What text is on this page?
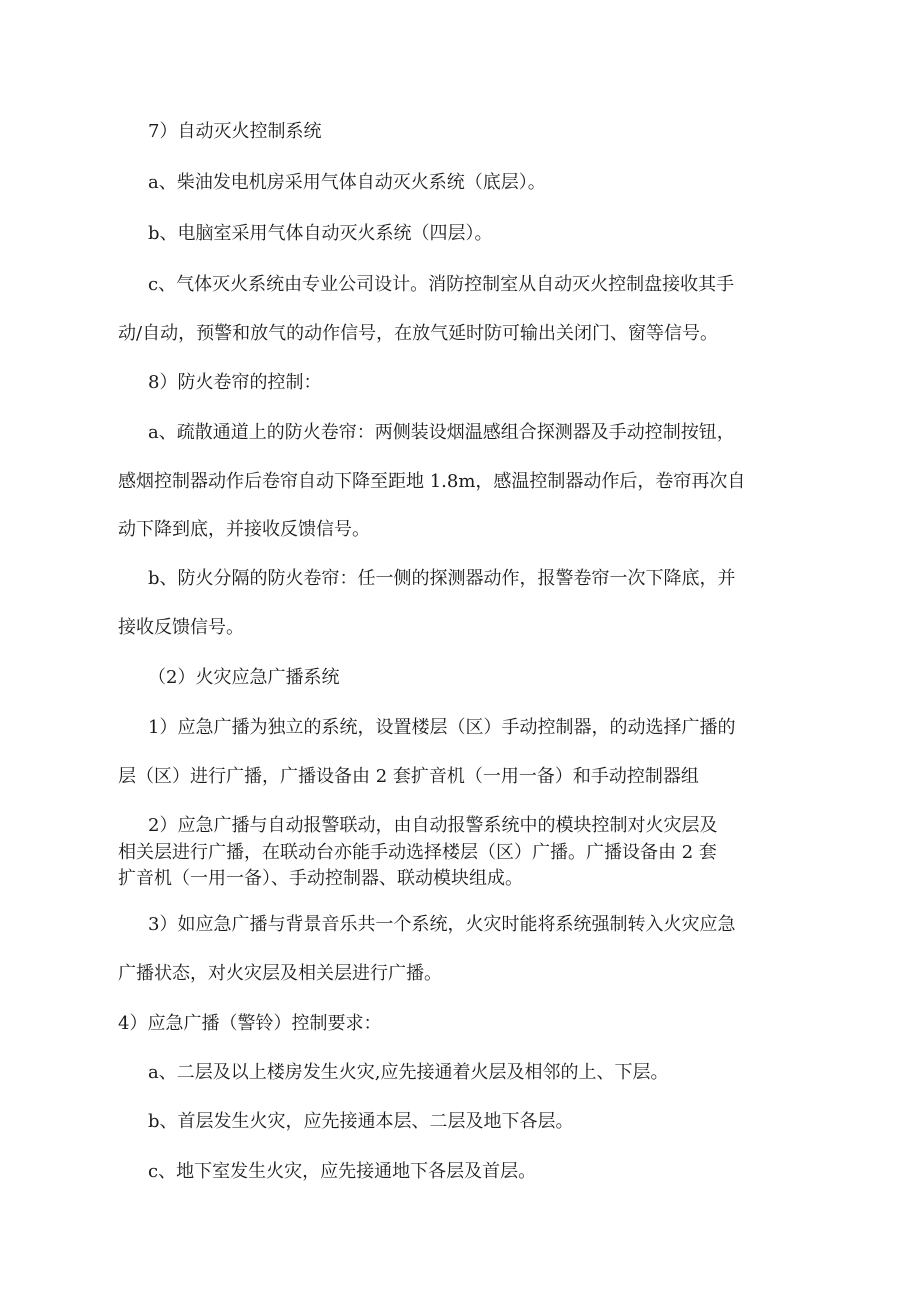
7）自动灭火控制系统

a、柴油发电机房采用气体自动灭火系统（底层）。

b、电脑室采用气体自动灭火系统（四层）。

c、气体灭火系统由专业公司设计。消防控制室从自动灭火控制盘接收其手

动/自动，预警和放气的动作信号，在放气延时防可输出关闭门、窗等信号。

8）防火卷帘的控制：

a、疏散通道上的防火卷帘：两侧装设烟温感组合探测器及手动控制按钮，

感烟控制器动作后卷帘自动下降至距地 1.8m，感温控制器动作后，卷帘再次自

动下降到底，并接收反馈信号。

b、防火分隔的防火卷帘：任一侧的探测器动作，报警卷帘一次下降底，并

接收反馈信号。

（2）火灾应急广播系统

1）应急广播为独立的系统，设置楼层（区）手动控制器，的动选择广播的

层（区）进行广播，广播设备由 2 套扩音机（一用一备）和手动控制器组

2）应急广播与自动报警联动，由自动报警系统中的模块控制对火灾层及

相关层进行广播，在联动台亦能手动选择楼层（区）广播。广播设备由 2 套

扩音机（一用一备）、手动控制器、联动模块组成。

3）如应急广播与背景音乐共一个系统，火灾时能将系统强制转入火灾应急

广播状态，对火灾层及相关层进行广播。

4）应急广播（警铃）控制要求：

a、二层及以上楼房发生火灾,应先接通着火层及相邻的上、下层。

b、首层发生火灾，应先接通本层、二层及地下各层。

c、地下室发生火灾，应先接通地下各层及首层。
